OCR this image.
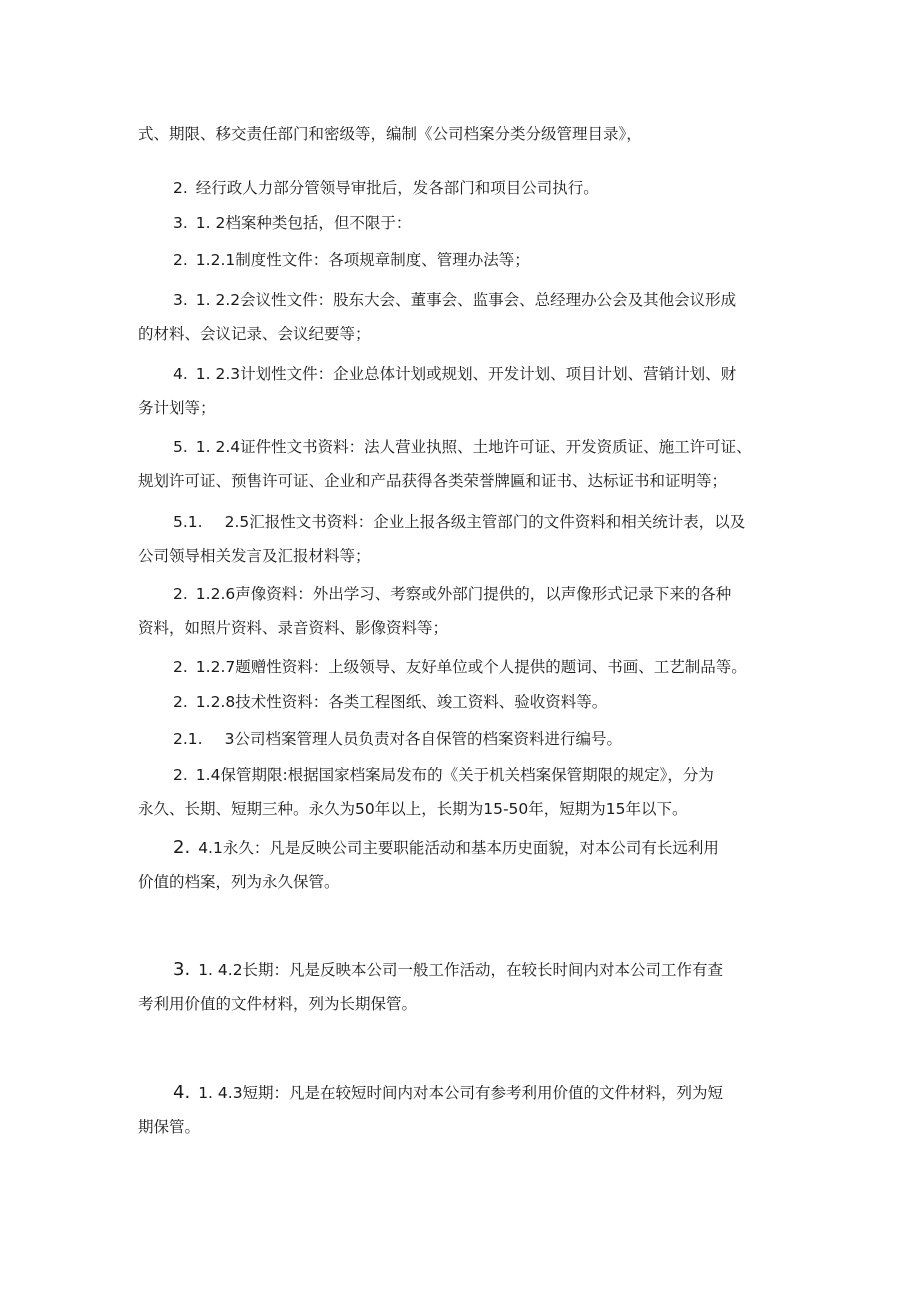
式、期限、移交责任部门和密级等，编制《公司档案分类分级管理目录》，
2. 经行政人力部分管领导审批后，发各部门和项目公司执行。
3. 1. 2档案种类包括，但不限于：
2. 1.2.1制度性文件：各项规章制度、管理办法等；
3. 1. 2.2会议性文件：股东大会、董事会、监事会、总经理办公会及其他会议形成
的材料、会议记录、会议纪要等；
4. 1. 2.3计划性文件：企业总体计划或规划、开发计划、项目计划、营销计划、财
务计划等；
5. 1. 2.4证件性文书资料：法人营业执照、土地许可证、开发资质证、施工许可证、
规划许可证、预售许可证、企业和产品获得各类荣誉牌匾和证书、达标证书和证明等；
5.1. 2.5汇报性文书资料：企业上报各级主管部门的文件资料和相关统计表，以及
公司领导相关发言及汇报材料等；
2. 1.2.6声像资料：外出学习、考察或外部门提供的，以声像形式记录下来的各种
资料，如照片资料、录音资料、影像资料等；
2. 1.2.7题赠性资料：上级领导、友好单位或个人提供的题词、书画、工艺制品等。
2. 1.2.8技术性资料：各类工程图纸、竣工资料、验收资料等。
2.1. 3公司档案管理人员负责对各自保管的档案资料进行编号。
2. 1.4保管期限:根据国家档案局发布的《关于机关档案保管期限的规定》，分为
永久、长期、短期三种。永久为50年以上，长期为15-50年，短期为15年以下。
2. 4.1永久：凡是反映公司主要职能活动和基本历史面貌，对本公司有长远利用
价值的档案，列为永久保管。
3. 1. 4.2长期：凡是反映本公司一般工作活动，在较长时间内对本公司工作有查
考利用价值的文件材料，列为长期保管。
4. 1. 4.3短期：凡是在较短时间内对本公司有参考利用价值的文件材料，列为短
期保管。
